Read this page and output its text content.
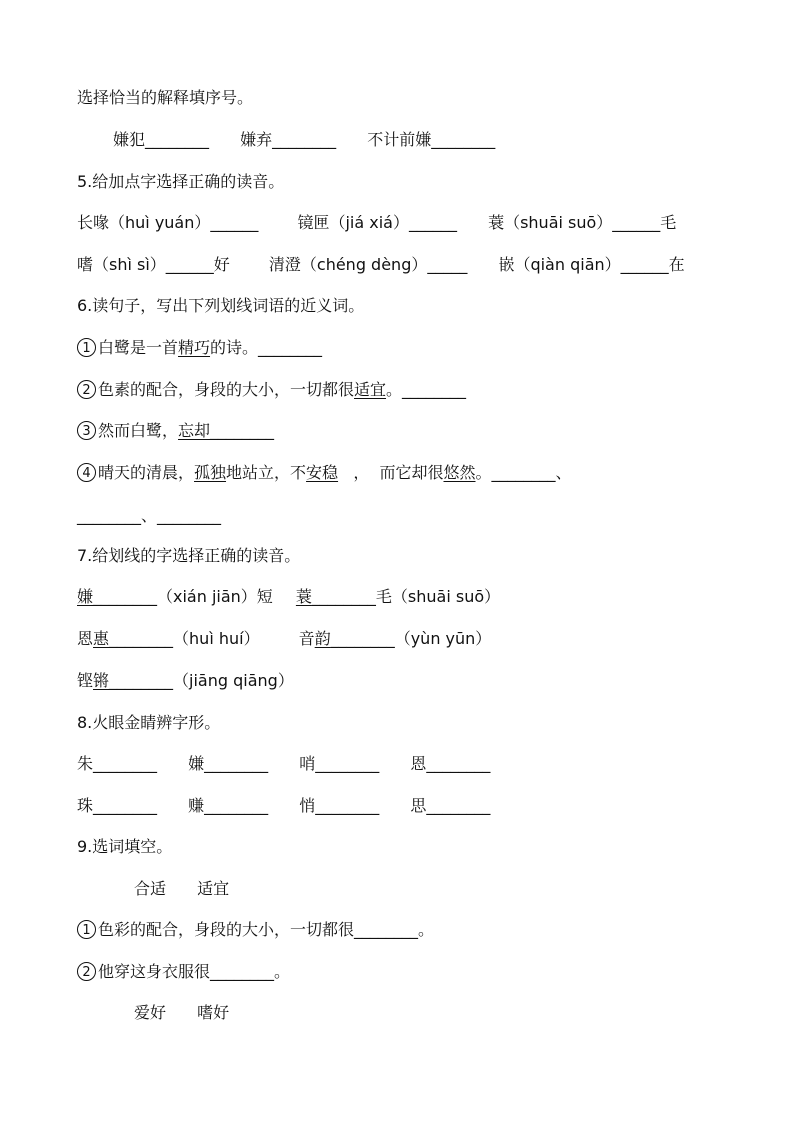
选择恰当的解释填序号。
嫌犯________ 嫌弃________ 不计前嫌________
5.给加点字选择正确的读音。
长喙（huì yuán）______ 镜匣（jiá xiá）______ 蓑（shuāi suō）______毛
嗜（shì sì）______好 清澄（chéng dèng）_____ 嵌（qiàn qiān）______在
6.读句子，写出下列划线词语的近义词。
1 白鹭是一首精巧的诗。________
2 色素的配合，身段的大小，一切都很适宜。________
3 然而白鹭，忘却________
4 晴天的清晨，孤独地站立，不安稳   ，  而它却很悠然。________、
________、________
7.给划线的字选择正确的读音。
嫌________（xián jiān）短 蓑________毛（shuāi suō）
恩惠________（huì huí） 音韵________（yùn yūn）
铿锵________（jiāng qiāng）
8.火眼金睛辨字形。
朱________ 嫌________ 哨________ 恩________
珠________ 赚________ 悄________ 思________
9.选词填空。
合适 适宜
1 色彩的配合，身段的大小，一切都很________。
2 他穿这身衣服很________。
爱好 嗜好
